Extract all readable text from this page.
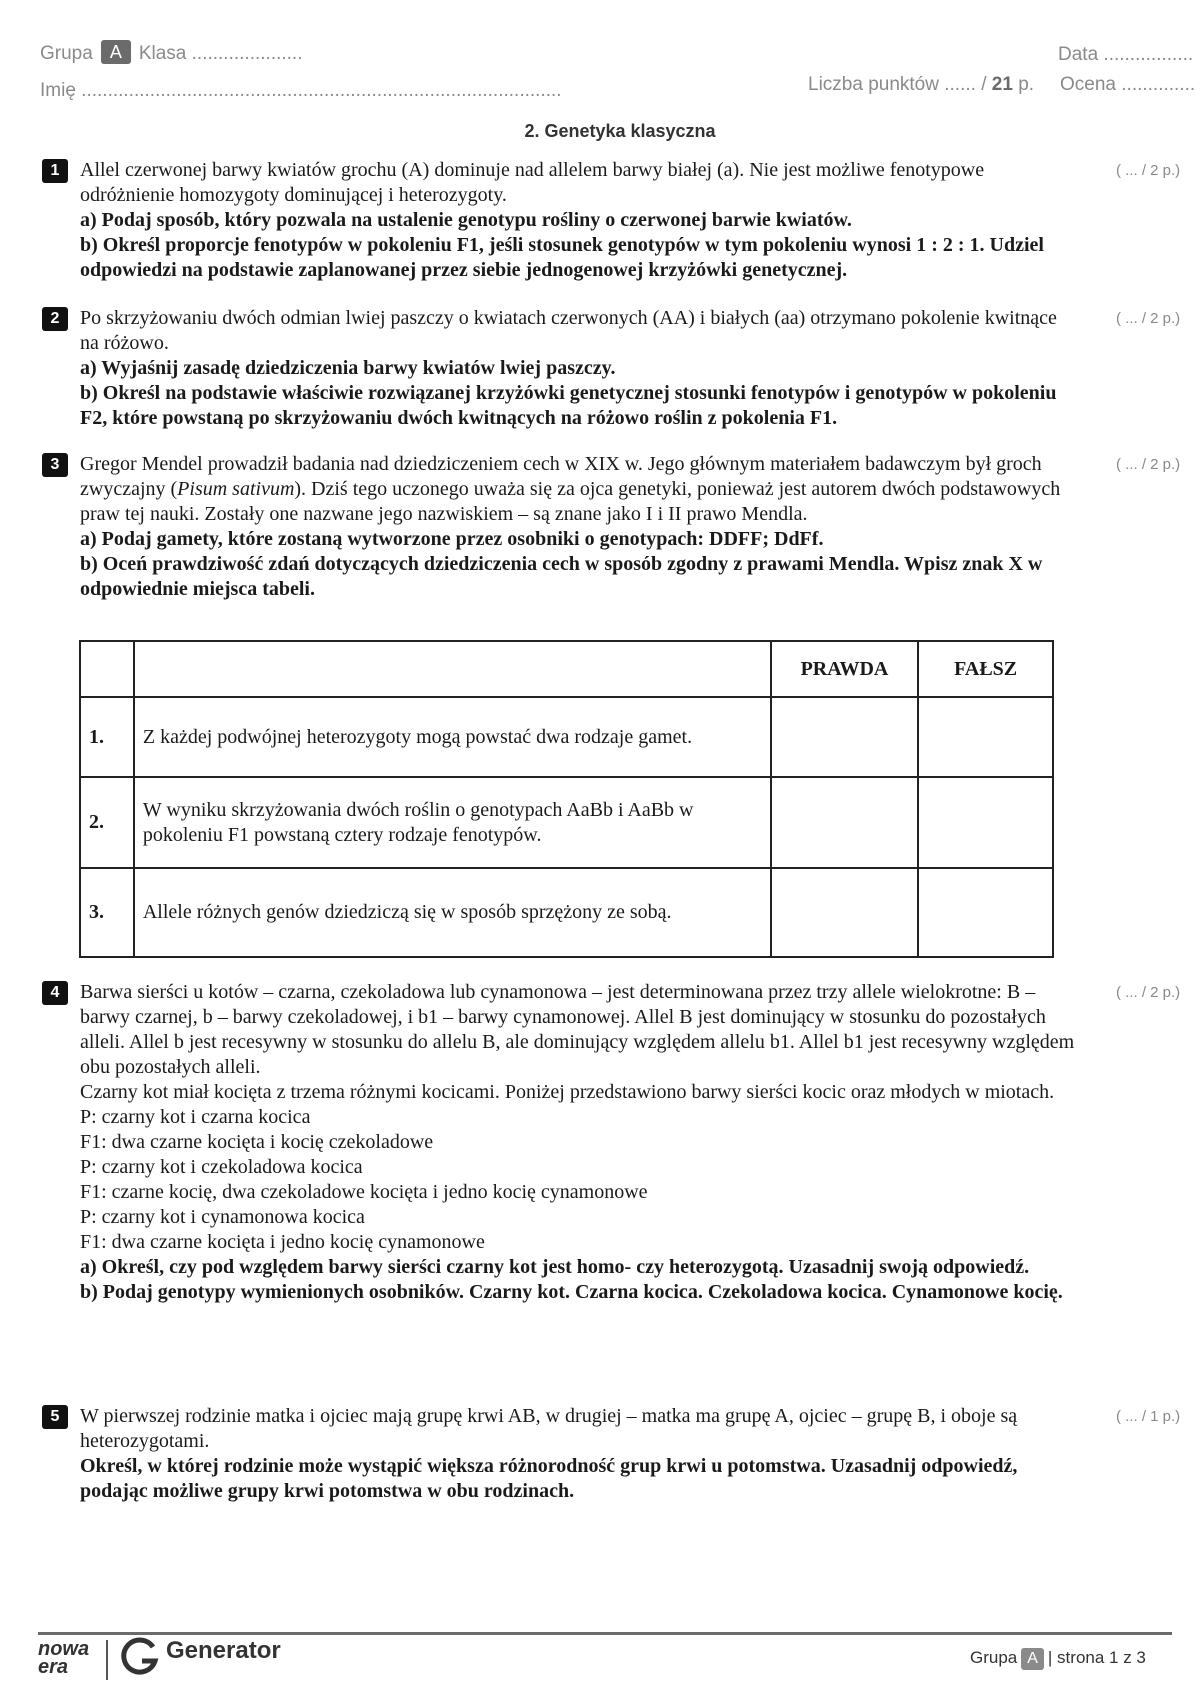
Grupa A Klasa .....................
Imię ...........................................................................................
Data .................
Liczba punktów ...... / 21 p. Ocena ..............
2. Genetyka klasyczna
1	( ... / 2 p.)

Allel czerwonej barwy kwiatów grochu (A) dominuje nad allelem barwy białej (a). Nie jest możliwe fenotypowe odróżnienie homozygoty dominującej i heterozygoty.

a) Podaj sposób, który pozwala na ustalenie genotypu rośliny o czerwonej barwie kwiatów.

b) Określ proporcje fenotypów w pokoleniu F1, jeśli stosunek genotypów w tym pokoleniu wynosi 1 : 2 : 1. Udziel odpowiedzi na podstawie zaplanowanej przez siebie jednogenowej krzyżówki genetycznej.

2	( ... / 2 p.)

Po skrzyżowaniu dwóch odmian lwiej paszczy o kwiatach czerwonych (AA) i białych (aa) otrzymano pokolenie kwitnące na różowo.

a) Wyjaśnij zasadę dziedziczenia barwy kwiatów lwiej paszczy.

b) Określ na podstawie właściwie rozwiązanej krzyżówki genetycznej stosunki fenotypów i genotypów w pokoleniu F2, które powstaną po skrzyżowaniu dwóch kwitnących na różowo roślin z pokolenia F1.

3	( ... / 2 p.)

Gregor Mendel prowadził badania nad dziedziczeniem cech w XIX w. Jego głównym materiałem badawczym był groch zwyczajny (Pisum sativum). Dziś tego uczonego uważa się za ojca genetyki, ponieważ jest autorem dwóch podstawowych praw tej nauki. Zostały one nazwane jego nazwiskiem – są znane jako I i II prawo Mendla.

a) Podaj gamety, które zostaną wytworzone przez osobniki o genotypach: DDFF; DdFf.

b) Oceń prawdziwość zdań dotyczących dziedziczenia cech w sposób zgodny z prawami Mendla. Wpisz znak X w odpowiednie miejsca tabeli.

		PRAWDA	FAŁSZ
1.	Z każdej podwójnej heterozygoty mogą powstać dwa rodzaje gamet.		
2.	W wyniku skrzyżowania dwóch roślin o genotypach AaBb i AaBb w pokoleniu F1 powstaną cztery rodzaje fenotypów.		
3.	Allele różnych genów dziedziczą się w sposób sprzężony ze sobą.		
4	( ... / 2 p.)

Barwa sierści u kotów – czarna, czekoladowa lub cynamonowa – jest determinowana przez trzy allele wielokrotne: B – barwy czarnej, b – barwy czekoladowej, i b1 – barwy cynamonowej. Allel B jest dominujący w stosunku do pozostałych alleli. Allel b jest recesywny w stosunku do allelu B, ale dominujący względem allelu b1. Allel b1 jest recesywny względem obu pozostałych alleli.

Czarny kot miał kocięta z trzema różnymi kocicami. Poniżej przedstawiono barwy sierści kocic oraz młodych w miotach.

P: czarny kot i czarna kocica

F1: dwa czarne kocięta i kocię czekoladowe

P: czarny kot i czekoladowa kocica

F1: czarne kocię, dwa czekoladowe kocięta i jedno kocię cynamonowe

P: czarny kot i cynamonowa kocica

F1: dwa czarne kocięta i jedno kocię cynamonowe

a) Określ, czy pod względem barwy sierści czarny kot jest homo- czy heterozygotą. Uzasadnij swoją odpowiedź.

b) Podaj genotypy wymienionych osobników. Czarny kot. Czarna kocica. Czekoladowa kocica. Cynamonowe kocię.

5	( ... / 1 p.)

W pierwszej rodzinie matka i ojciec mają grupę krwi AB, w drugiej – matka ma grupę A, ojciec – grupę B, i oboje są heterozygotami.

Określ, w której rodzinie może wystąpić większa różnorodność grup krwi u potomstwa. Uzasadnij odpowiedź, podając możliwe grupy krwi potomstwa w obu rodzinach.

nowa
era
Generator	Grupa A | strona 1 z 3
